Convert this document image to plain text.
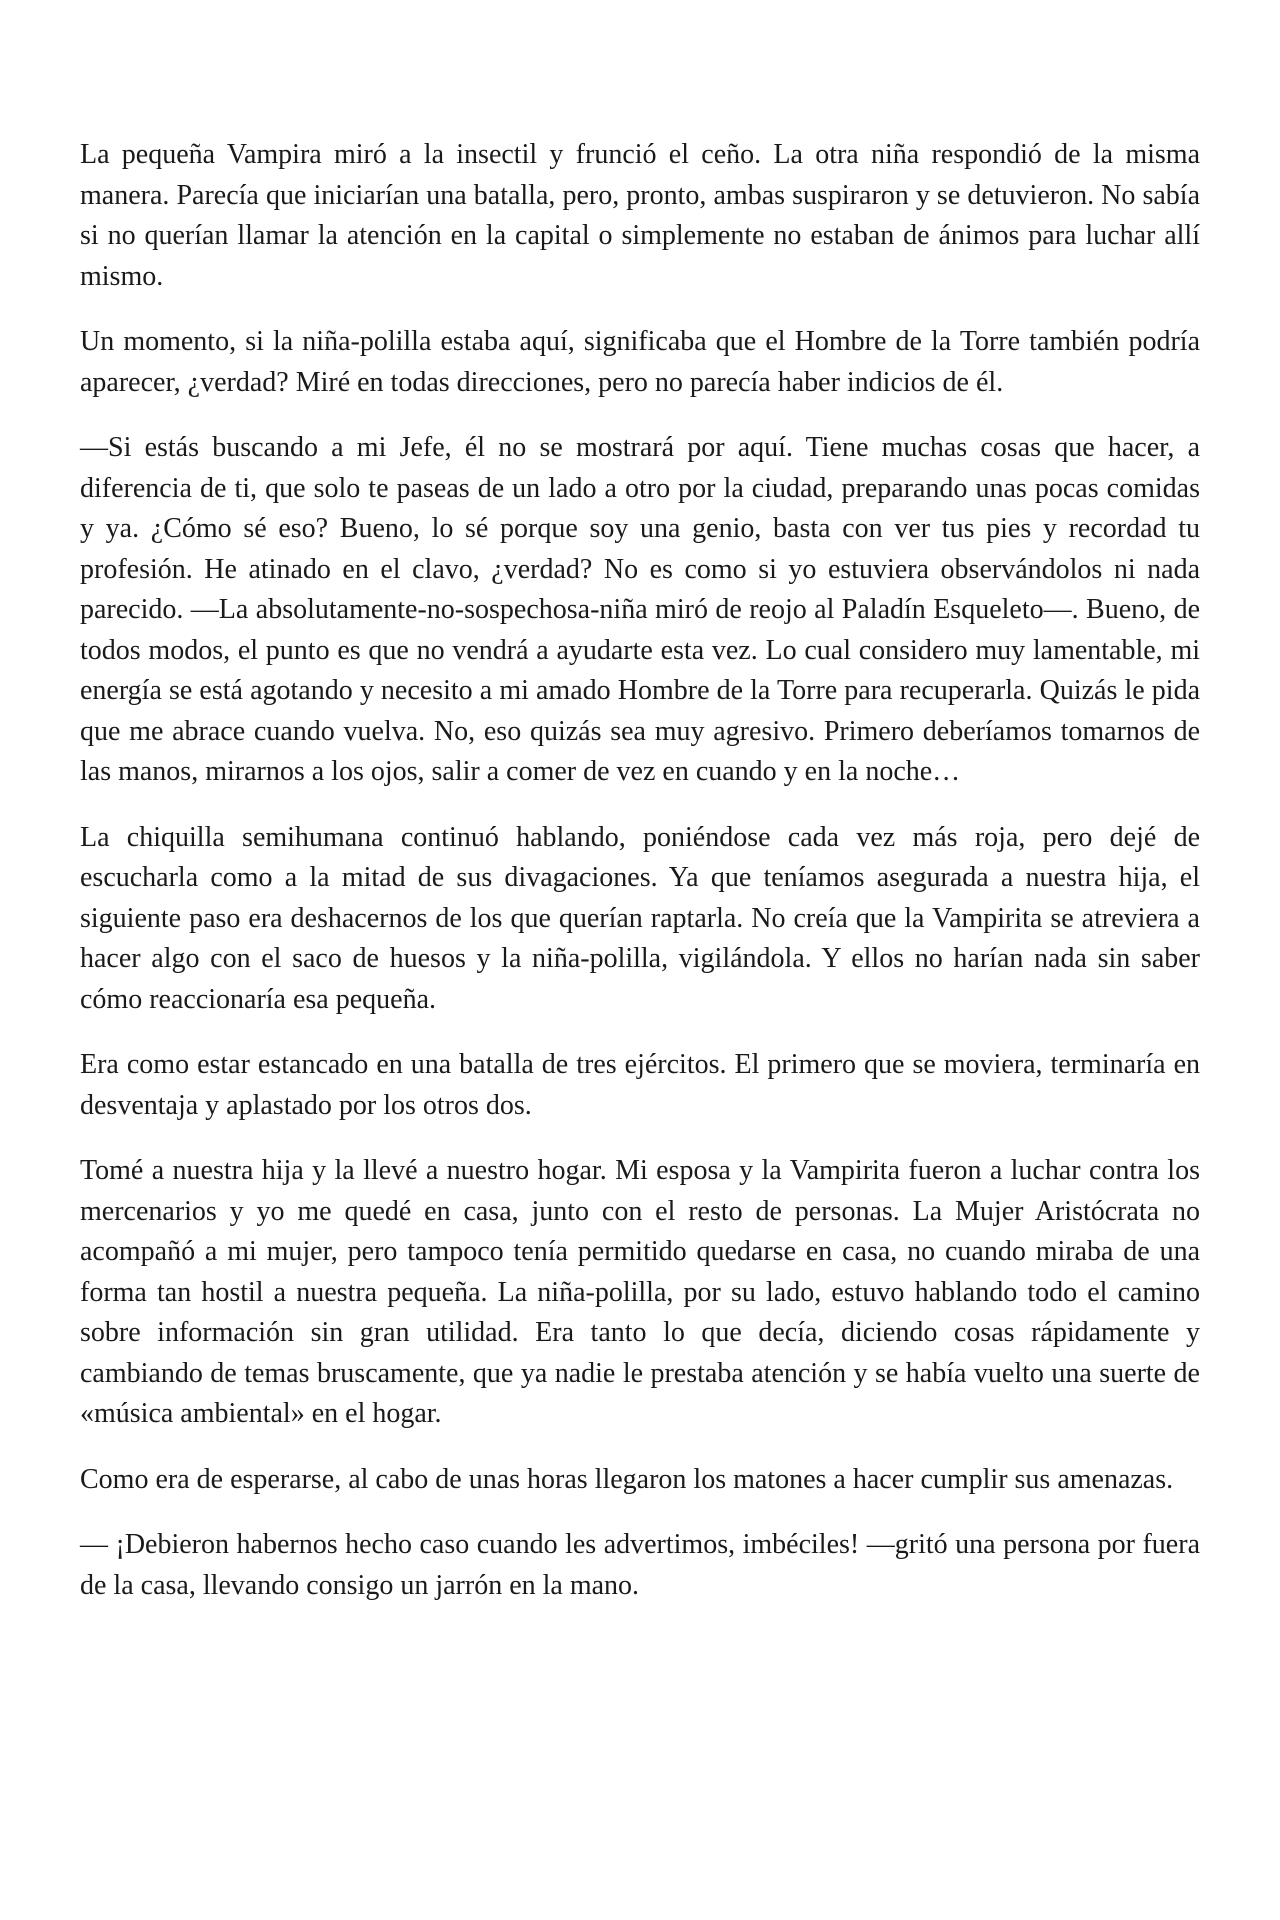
La pequeña Vampira miró a la insectil y frunció el ceño. La otra niña respondió de la misma manera. Parecía que iniciarían una batalla, pero, pronto, ambas suspiraron y se detuvieron. No sabía si no querían llamar la atención en la capital o simplemente no estaban de ánimos para luchar allí mismo.

Un momento, si la niña-polilla estaba aquí, significaba que el Hombre de la Torre también podría aparecer, ¿verdad? Miré en todas direcciones, pero no parecía haber indicios de él.

—Si estás buscando a mi Jefe, él no se mostrará por aquí. Tiene muchas cosas que hacer, a diferencia de ti, que solo te paseas de un lado a otro por la ciudad, preparando unas pocas comidas y ya. ¿Cómo sé eso? Bueno, lo sé porque soy una genio, basta con ver tus pies y recordad tu profesión. He atinado en el clavo, ¿verdad? No es como si yo estuviera observándolos ni nada parecido. —La absolutamente-no-sospechosa-niña miró de reojo al Paladín Esqueleto—. Bueno, de todos modos, el punto es que no vendrá a ayudarte esta vez. Lo cual considero muy lamentable, mi energía se está agotando y necesito a mi amado Hombre de la Torre para recuperarla. Quizás le pida que me abrace cuando vuelva. No, eso quizás sea muy agresivo. Primero deberíamos tomarnos de las manos, mirarnos a los ojos, salir a comer de vez en cuando y en la noche…

La chiquilla semihumana continuó hablando, poniéndose cada vez más roja, pero dejé de escucharla como a la mitad de sus divagaciones. Ya que teníamos asegurada a nuestra hija, el siguiente paso era deshacernos de los que querían raptarla. No creía que la Vampirita se atreviera a hacer algo con el saco de huesos y la niña-polilla, vigilándola. Y ellos no harían nada sin saber cómo reaccionaría esa pequeña.

Era como estar estancado en una batalla de tres ejércitos. El primero que se moviera, terminaría en desventaja y aplastado por los otros dos.

Tomé a nuestra hija y la llevé a nuestro hogar. Mi esposa y la Vampirita fueron a luchar contra los mercenarios y yo me quedé en casa, junto con el resto de personas. La Mujer Aristócrata no acompañó a mi mujer, pero tampoco tenía permitido quedarse en casa, no cuando miraba de una forma tan hostil a nuestra pequeña. La niña-polilla, por su lado, estuvo hablando todo el camino sobre información sin gran utilidad. Era tanto lo que decía, diciendo cosas rápidamente y cambiando de temas bruscamente, que ya nadie le prestaba atención y se había vuelto una suerte de «música ambiental» en el hogar.

Como era de esperarse, al cabo de unas horas llegaron los matones a hacer cumplir sus amenazas.

— ¡Debieron habernos hecho caso cuando les advertimos, imbéciles! —gritó una persona por fuera de la casa, llevando consigo un jarrón en la mano.
